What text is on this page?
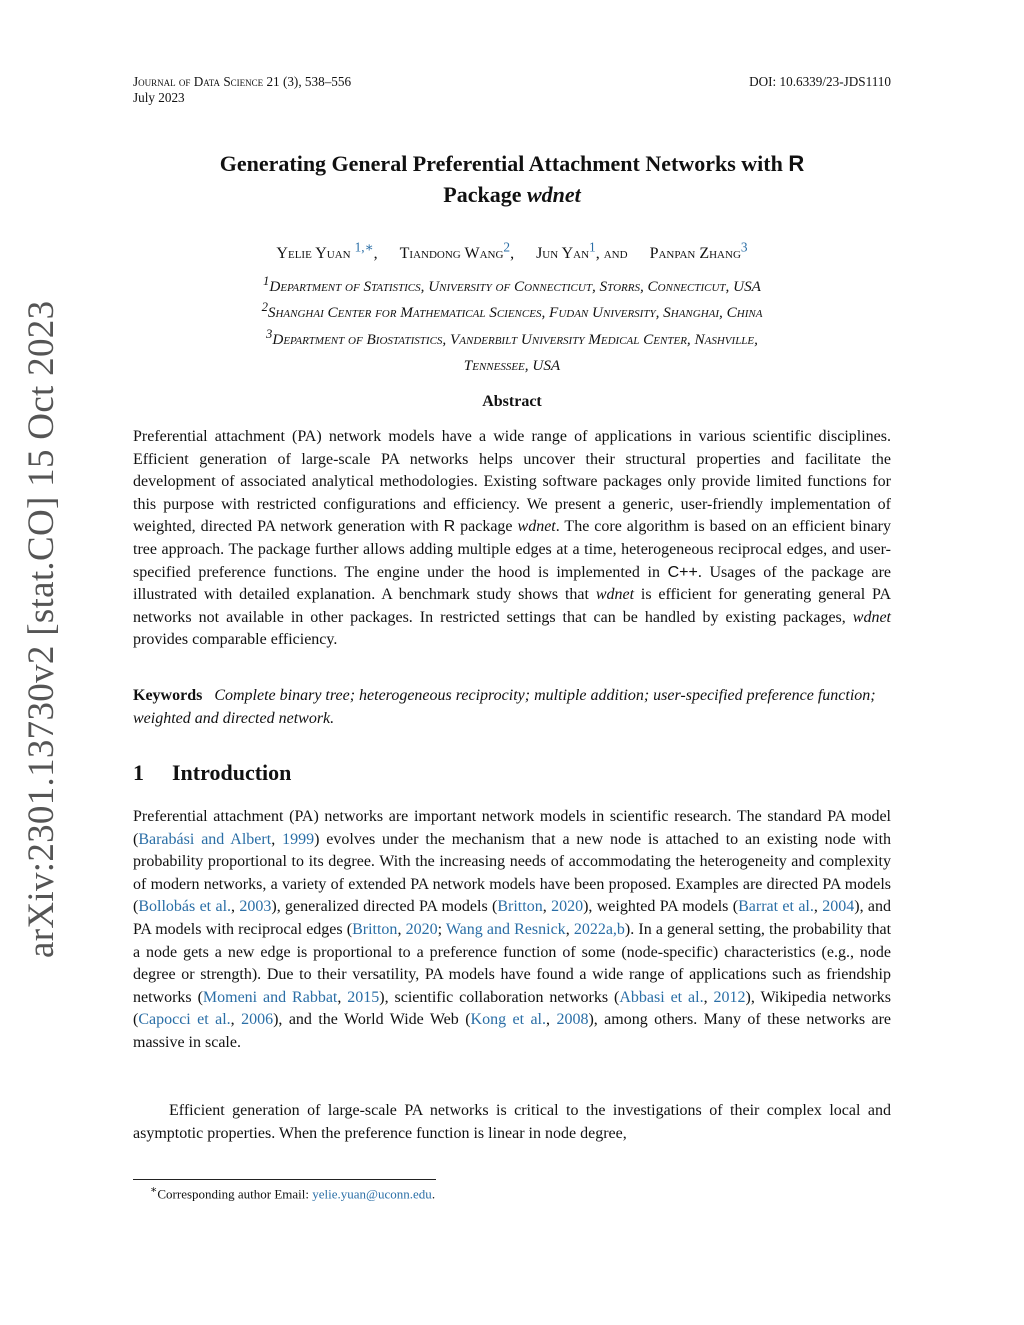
arXiv:2301.13730v2 [stat.CO] 15 Oct 2023
Journal of Data Science 21 (3), 538–556	DOI: 10.6339/23-JDS1110
July 2023
Generating General Preferential Attachment Networks with R
Package wdnet
Yelie Yuan $^{1,∗}$, Tiandong Wang$^2$, Jun Yan$^1$, and Panpan Zhang$^3$
$^1$Department of Statistics, University of Connecticut, Storrs, Connecticut, USA
$^2$Shanghai Center for Mathematical Sciences, Fudan University, Shanghai, China
$^3$Department of Biostatistics, Vanderbilt University Medical Center, Nashville,
Tennessee, USA
Abstract

Preferential attachment (PA) network models have a wide range of applications in various scientific disciplines. Efficient generation of large-scale PA networks helps uncover their structural properties and facilitate the development of associated analytical methodologies. Existing software packages only provide limited functions for this purpose with restricted configurations and efficiency. We present a generic, user-friendly implementation of weighted, directed PA network generation with R package wdnet. The core algorithm is based on an efficient binary tree approach. The package further allows adding multiple edges at a time, heterogeneous reciprocal edges, and user-specified preference functions. The engine under the hood is implemented in C++. Usages of the package are illustrated with detailed explanation. A benchmark study shows that wdnet is efficient for generating general PA networks not available in other packages. In restricted settings that can be handled by existing packages, wdnet provides comparable efficiency.

Keywords Complete binary tree; heterogeneous reciprocity; multiple addition; user-specified preference function; weighted and directed network.

1 Introduction

Preferential attachment (PA) networks are important network models in scientific research. The standard PA model (Barabási and Albert, 1999) evolves under the mechanism that a new node is attached to an existing node with probability proportional to its degree. With the increasing needs of accommodating the heterogeneity and complexity of modern networks, a variety of extended PA network models have been proposed. Examples are directed PA models (Bollobás et al., 2003), generalized directed PA models (Britton, 2020), weighted PA models (Barrat et al., 2004), and PA models with reciprocal edges (Britton, 2020; Wang and Resnick, 2022a,b). In a general setting, the probability that a node gets a new edge is proportional to a preference function of some (node-specific) characteristics (e.g., node degree or strength). Due to their versatility, PA models have found a wide range of applications such as friendship networks (Momeni and Rabbat, 2015), scientific collaboration networks (Abbasi et al., 2012), Wikipedia networks (Capocci et al., 2006), and the World Wide Web (Kong et al., 2008), among others. Many of these networks are massive in scale.

Efficient generation of large-scale PA networks is critical to the investigations of their complex local and asymptotic properties. When the preference function is linear in node degree,

∗Corresponding author Email: yelie.yuan@uconn.edu.
